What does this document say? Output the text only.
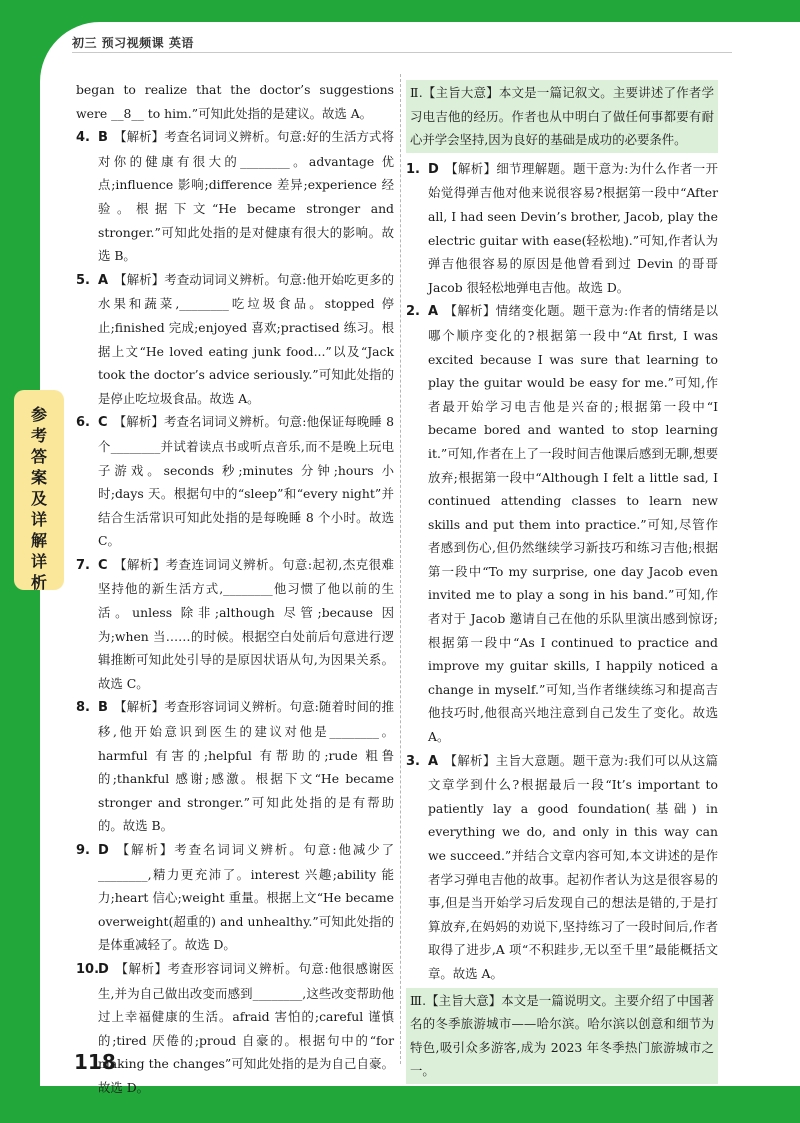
初三 预习视频课 英语
参
考
答
案
及
详
解
详
析

began to realize that the doctor’s suggestions were __8__ to him.”可知此处指的是建议。故选 A。

4. B 【解析】考查名词词义辨析。句意:好的生活方式将对你的健康有很大的________。advantage 优点;influence 影响;difference 差异;experience 经验。根据下文“He became stronger and stronger.”可知此处指的是对健康有很大的影响。故选 B。

5. A 【解析】考查动词词义辨析。句意:他开始吃更多的水果和蔬菜,________吃垃圾食品。stopped 停止;finished 完成;enjoyed 喜欢;practised 练习。根据上文“He loved eating junk food...”以及“Jack took the doctor’s advice seriously.”可知此处指的是停止吃垃圾食品。故选 A。

6. C 【解析】考查名词词义辨析。句意:他保证每晚睡 8 个________并试着读点书或听点音乐,而不是晚上玩电子游戏。seconds 秒;minutes 分钟;hours 小时;days 天。根据句中的“sleep”和“every night”并结合生活常识可知此处指的是每晚睡 8 个小时。故选 C。

7. C 【解析】考查连词词义辨析。句意:起初,杰克很难坚持他的新生活方式,________他习惯了他以前的生活。unless 除非;although 尽管;because 因为;when 当……的时候。根据空白处前后句意进行逻辑推断可知此处引导的是原因状语从句,为因果关系。故选 C。

8. B 【解析】考查形容词词义辨析。句意:随着时间的推移,他开始意识到医生的建议对他是________。harmful 有害的;helpful 有帮助的;rude 粗鲁的;thankful 感谢;感激。根据下文“He became stronger and stronger.”可知此处指的是有帮助的。故选 B。

9. D 【解析】考查名词词义辨析。句意:他减少了________,精力更充沛了。interest 兴趣;ability 能力;heart 信心;weight 重量。根据上文“He became overweight(超重的) and unhealthy.”可知此处指的是体重减轻了。故选 D。

10.D 【解析】考查形容词词义辨析。句意:他很感谢医生,并为自己做出改变而感到________,这些改变帮助他过上幸福健康的生活。afraid 害怕的;careful 谨慎的;tired 厌倦的;proud 自豪的。根据句中的“for making the changes”可知此处指的是为自己自豪。故选 D。

Ⅱ.【主旨大意】本文是一篇记叙文。主要讲述了作者学习电吉他的经历。作者也从中明白了做任何事都要有耐心并学会坚持,因为良好的基础是成功的必要条件。

1. D 【解析】细节理解题。题干意为:为什么作者一开始觉得弹吉他对他来说很容易?根据第一段中“After all, I had seen Devin’s brother, Jacob, play the electric guitar with ease(轻松地).”可知,作者认为弹吉他很容易的原因是他曾看到过 Devin 的哥哥 Jacob 很轻松地弹电吉他。故选 D。

2. A 【解析】情绪变化题。题干意为:作者的情绪是以哪个顺序变化的?根据第一段中“At first, I was excited because I was sure that learning to play the guitar would be easy for me.”可知,作者最开始学习电吉他是兴奋的;根据第一段中“I became bored and wanted to stop learning it.”可知,作者在上了一段时间吉他课后感到无聊,想要放弃;根据第一段中“Although I felt a little sad, I continued attending classes to learn new skills and put them into practice.”可知,尽管作者感到伤心,但仍然继续学习新技巧和练习吉他;根据第一段中“To my surprise, one day Jacob even invited me to play a song in his band.”可知,作者对于 Jacob 邀请自己在他的乐队里演出感到惊讶;根据第一段中“As I continued to practice and improve my guitar skills, I happily noticed a change in myself.”可知,当作者继续练习和提高吉他技巧时,他很高兴地注意到自己发生了变化。故选 A。

3. A 【解析】主旨大意题。题干意为:我们可以从这篇文章学到什么?根据最后一段“It’s important to patiently lay a good foundation(基础) in everything we do, and only in this way can we succeed.”并结合文章内容可知,本文讲述的是作者学习弹电吉他的故事。起初作者认为这是很容易的事,但是当开始学习后发现自己的想法是错的,于是打算放弃,在妈妈的劝说下,坚持练习了一段时间后,作者取得了进步,A 项“不积跬步,无以至千里”最能概括文章。故选 A。

Ⅲ.【主旨大意】本文是一篇说明文。主要介绍了中国著名的冬季旅游城市——哈尔滨。哈尔滨以创意和细节为特色,吸引众多游客,成为 2023 年冬季热门旅游城市之一。
118
